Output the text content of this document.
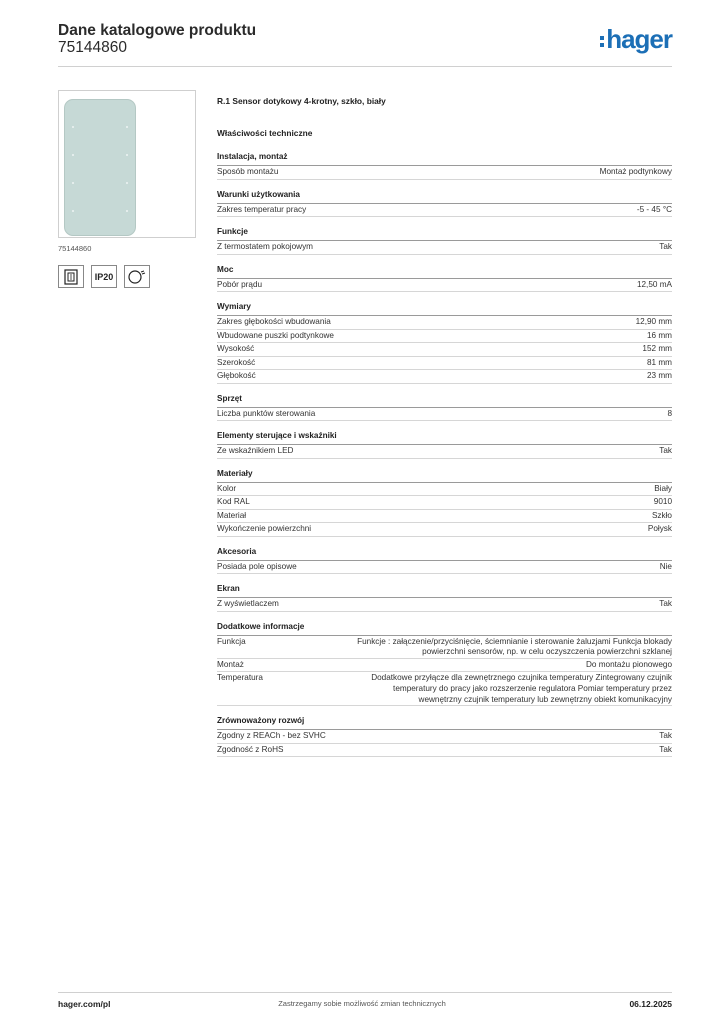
Dane katalogowe produktu
75144860	hager
75144860
IP20
R.1 Sensor dotykowy 4-krotny, szkło, biały
Właściwości techniczne
Instalacja, montaż
Sposób montażu	Montaż podtynkowy
Warunki użytkowania
Zakres temperatur pracy	-5 - 45 °C
Funkcje
Z termostatem pokojowym	Tak
Moc
Pobór prądu	12,50 mA
Wymiary
Zakres głębokości wbudowania	12,90 mm
Wbudowane puszki podtynkowe	16 mm
Wysokość	152 mm
Szerokość	81 mm
Głębokość	23 mm
Sprzęt
Liczba punktów sterowania	8
Elementy sterujące i wskaźniki
Ze wskaźnikiem LED	Tak
Materiały
Kolor	Biały
Kod RAL	9010
Materiał	Szkło
Wykończenie powierzchni	Połysk
Akcesoria
Posiada pole opisowe	Nie
Ekran
Z wyświetlaczem	Tak
Dodatkowe informacje
Funkcja	Funkcje : załączenie/przyciśnięcie, ściemnianie i sterowanie żaluzjami Funkcja blokady powierzchni sensorów, np. w celu oczyszczenia powierzchni szklanej
Montaż	Do montażu pionowego
Temperatura	Dodatkowe przyłącze dla zewnętrznego czujnika temperatury Zintegrowany czujnik temperatury do pracy jako rozszerzenie regulatora Pomiar temperatury przez wewnętrzny czujnik temperatury lub zewnętrzny obiekt komunikacyjny
Zrównoważony rozwój
Zgodny z REACh - bez SVHC	Tak
Zgodność z RoHS	Tak
hager.com/pl	Zastrzegamy sobie możliwość zmian technicznych	06.12.2025
